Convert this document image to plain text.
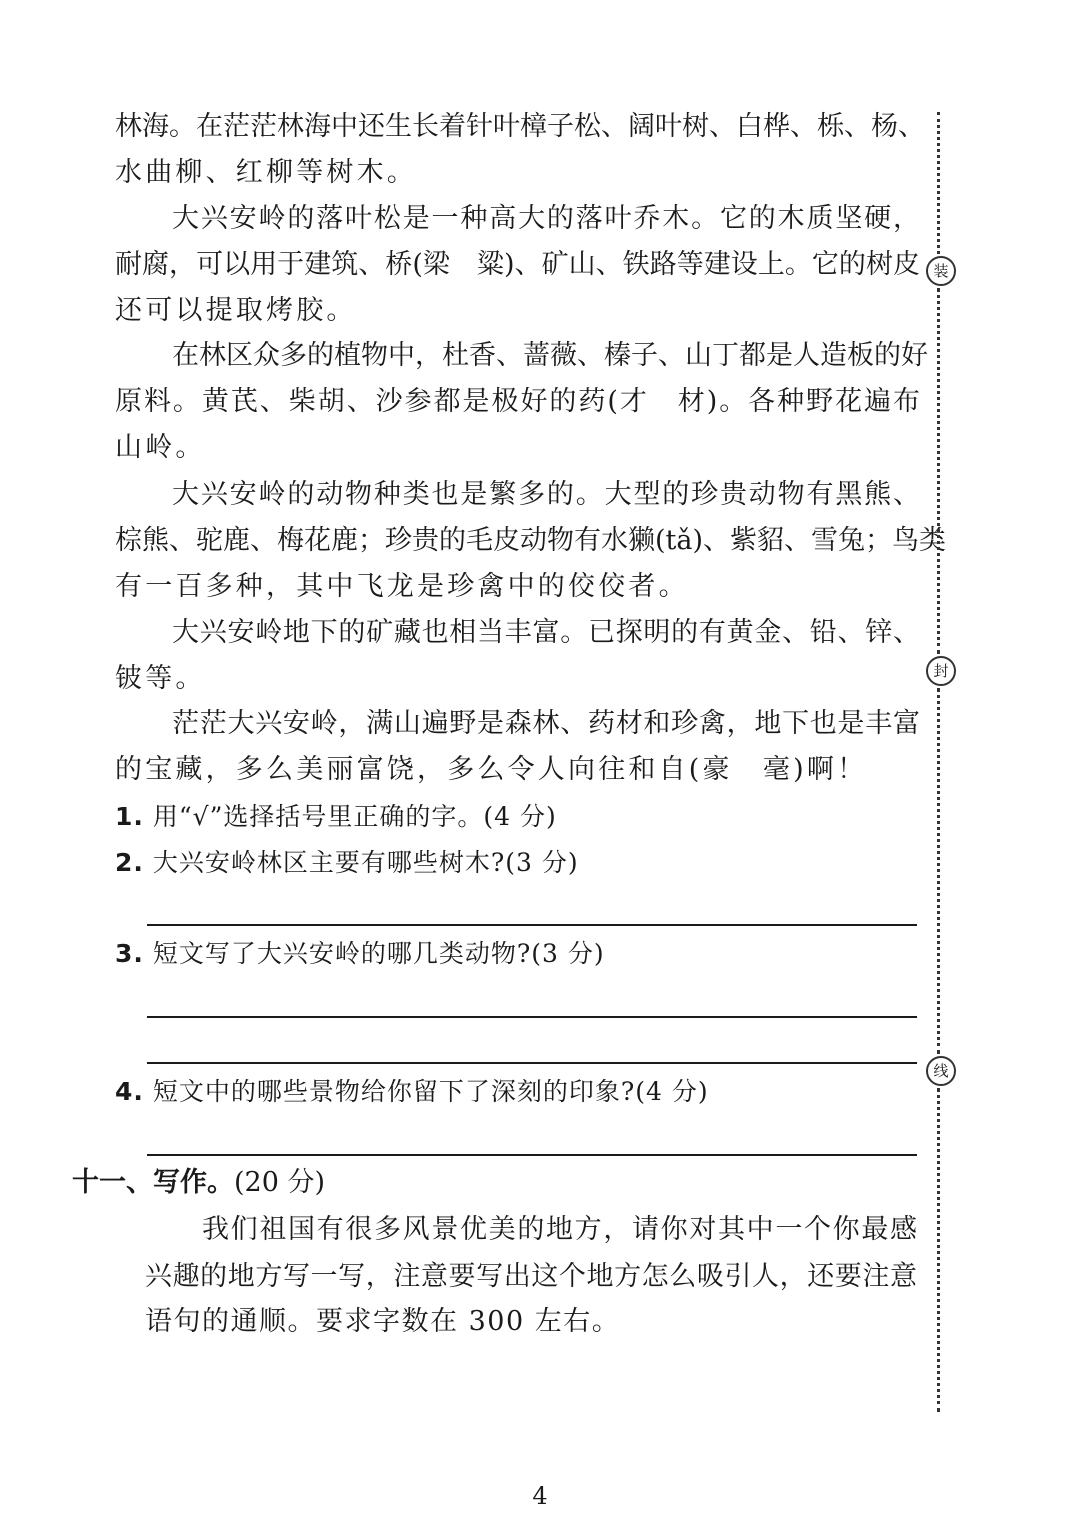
林海。在茫茫林海中还生长着针叶樟子松、阔叶树、白桦、栎、杨、
水曲柳、红柳等树木。
大兴安岭的落叶松是一种高大的落叶乔木。它的木质坚硬，
耐腐，可以用于建筑、桥(梁　粱)、矿山、铁路等建设上。它的树皮
还可以提取烤胶。
在林区众多的植物中，杜香、蔷薇、榛子、山丁都是人造板的好
原料。黄芪、柴胡、沙参都是极好的药(才　材)。各种野花遍布
山岭。
大兴安岭的动物种类也是繁多的。大型的珍贵动物有黑熊、
棕熊、驼鹿、梅花鹿；珍贵的毛皮动物有水獭(tǎ)、紫貂、雪兔；鸟类
有一百多种，其中飞龙是珍禽中的佼佼者。
大兴安岭地下的矿藏也相当丰富。已探明的有黄金、铅、锌、
铍等。
茫茫大兴安岭，满山遍野是森林、药材和珍禽，地下也是丰富
的宝藏，多么美丽富饶，多么令人向往和自(豪　毫)啊！
1. 用“√”选择括号里正确的字。(4 分)
2. 大兴安岭林区主要有哪些树木?(3 分)
3. 短文写了大兴安岭的哪几类动物?(3 分)
4. 短文中的哪些景物给你留下了深刻的印象?(4 分)
十一、写作。(20 分)
我们祖国有很多风景优美的地方，请你对其中一个你最感
兴趣的地方写一写，注意要写出这个地方怎么吸引人，还要注意
语句的通顺。要求字数在 300 左右。
装
封
线
4
